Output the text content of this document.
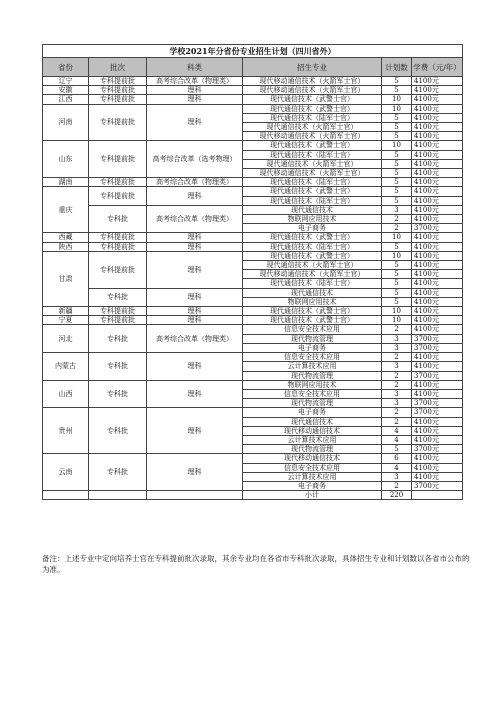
学校2021年分省份专业招生计划（四川省外）
省份	批次	科类	招生专业	计划数	学费（元/年）
辽宁	专科提前批	高考综合改革（物理类）	现代移动通信技术（火箭军士官）	5	4100元
安徽	专科提前批	理科	现代移动通信技术（火箭军士官）	5	4100元
江西	专科提前批	理科	现代通信技术（武警士官）	10	4100元
河南	专科提前批	理科	现代通信技术（武警士官）	10	4100元
			现代通信技术（陆军士官）	5	4100元
			现代通信技术（火箭军士官）	5	4100元
			现代移动通信技术（火箭军士官）	5	4100元
山东	专科提前批	高考综合改革（选考物理）	现代通信技术（武警士官）	10	4100元
			现代通信技术（陆军士官）	5	4100元
			现代通信技术（火箭军士官）	5	4100元
			现代移动通信技术（火箭军士官）	5	4100元
湖南	专科提前批	高考综合改革（物理类）	现代通信技术（陆军士官）	5	4100元
重庆	专科提前批	理科	现代通信技术（武警士官）	5	4100元
			现代通信技术（陆军士官）	5	4100元
	专科批	高考综合改革（物理类）	现代通信技术	3	4100元
			物联网应用技术	2	4100元
			电子商务	2	3700元
西藏	专科提前批	理科	现代通信技术（武警士官）	10	4100元
陕西	专科提前批	理科	现代通信技术（陆军士官）	5	4100元
甘肃	专科提前批	理科	现代通信技术（武警士官）	10	4100元
			现代通信技术（火箭军士官）	5	4100元
			现代移动通信技术（火箭军士官）	5	4100元
			现代通信技术（陆军士官）	5	4100元
	专科批	理科	现代通信技术	5	4100元
			物联网应用技术	5	4100元
新疆	专科提前批	理科	现代通信技术（武警士官）	10	4100元
宁夏	专科提前批	理科	现代通信技术（武警士官）	10	4100元
河北	专科批	高考综合改革（物理类）	信息安全技术应用	2	4100元
			现代物流管理	3	3700元
			电子商务	3	3700元
内蒙古	专科批	理科	信息安全技术应用	2	4100元
			云计算技术应用	3	4100元
			现代物流管理	2	3700元
山西	专科批	理科	物联网应用技术	2	4100元
			信息安全技术应用	3	4100元
			现代物流管理	3	3700元
贵州	专科批	理科	电子商务	2	3700元
			现代通信技术	2	4100元
			现代移动通信技术	4	4100元
			云计算技术应用	4	4100元
			现代物流管理	5	3700元
云南	专科批	理科	现代移动通信技术	6	4100元
			信息安全技术应用	4	4100元
			云计算技术应用	3	4100元
			电子商务	2	3700元
			小计	220	
备注：上述专业中定向培养士官在专科提前批次录取，其余专业均在各省市专科批次录取，具体招生专业和计划数以各省市公布的为准。
